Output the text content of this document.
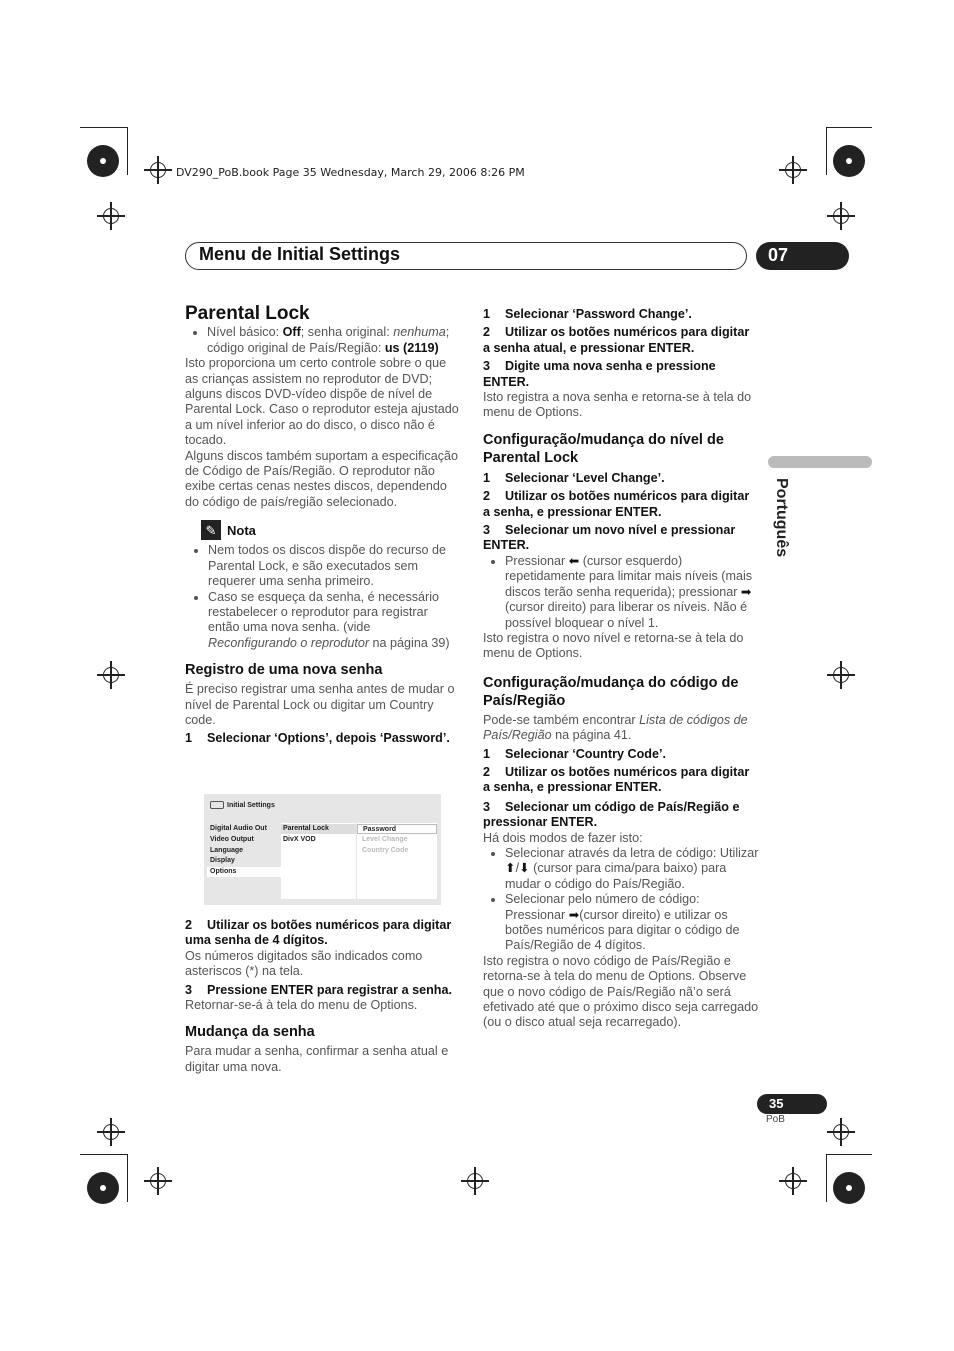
DV290_PoB.book Page 35 Wednesday, March 29, 2006 8:26 PM
Menu de Initial Settings	07
Português
Parental Lock
• Nível básico: Off; senha original: nenhuma; código original de País/Região: us (2119)

Isto proporciona um certo controle sobre o que as crianças assistem no reprodutor de DVD; alguns discos DVD-vídeo dispõe de nível de Parental Lock. Caso o reprodutor esteja ajustado a um nível inferior ao do disco, o disco não é tocado.

Alguns discos também suportam a especificação de Código de País/Região. O reprodutor não exibe certas cenas nestes discos, dependendo do código de país/região selecionado.

✎ Nota
• Nem todos os discos dispõe do recurso de Parental Lock, e são executados sem requerer uma senha primeiro.
• Caso se esqueça da senha, é necessário restabelecer o reprodutor para registrar então uma nova senha. (vide Reconfigurando o reprodutor na página 39)
Registro de uma nova senha

É preciso registrar uma senha antes de mudar o nível de Parental Lock ou digitar um Country code.

1 Selecionar ‘Options’, depois ‘Password’.

Initial Settings
Digital Audio Out
Video Output
Language
Display
Options
Parental Lock
DivX VOD
Password
Level Change
Country Code

2 Utilizar os botões numéricos para digitar uma senha de 4 dígitos.

Os números digitados são indicados como asteriscos (*) na tela.

3 Pressione ENTER para registrar a senha.

Retornar-se-á à tela do menu de Options.

Mudança da senha

Para mudar a senha, confirmar a senha atual e digitar uma nova.

1 Selecionar ‘Password Change’.

2 Utilizar os botões numéricos para digitar a senha atual, e pressionar ENTER.

3 Digite uma nova senha e pressione ENTER.

Isto registra a nova senha e retorna-se à tela do menu de Options.

Configuração/mudança do nível de Parental Lock

1 Selecionar ‘Level Change’.

2 Utilizar os botões numéricos para digitar a senha, e pressionar ENTER.

3 Selecionar um novo nível e pressionar ENTER.

• Pressionar ⬅ (cursor esquerdo) repetidamente para limitar mais níveis (mais discos terão senha requerida); pressionar ➡ (cursor direito) para liberar os níveis. Não é possível bloquear o nível 1.

Isto registra o novo nível e retorna-se à tela do menu de Options.

Configuração/mudança do código de País/Região

Pode-se também encontrar Lista de códigos de País/Região na página 41.

1 Selecionar ‘Country Code’.

2 Utilizar os botões numéricos para digitar a senha, e pressionar ENTER.

3 Selecionar um código de País/Região e pressionar ENTER.

Há dois modos de fazer isto:

• Selecionar através da letra de código: Utilizar ⬆/⬇ (cursor para cima/para baixo) para mudar o código do País/Região.
• Selecionar pelo número de código: Pressionar ➡(cursor direito) e utilizar os botões numéricos para digitar o código de País/Região de 4 dígitos.

Isto registra o novo código de País/Região e retorna-se à tela do menu de Options. Observe que o novo código de País/Região nã’o será efetivado até que o próximo disco seja carregado (ou o disco atual seja recarregado).

35
PoB
